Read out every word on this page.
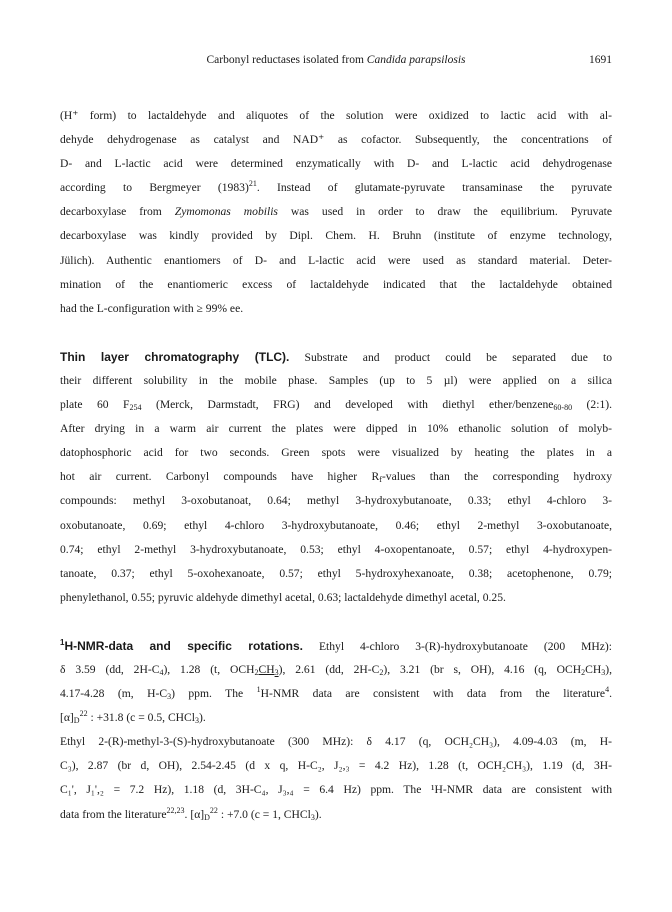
Carbonyl reductases isolated from Candida parapsilosis	1691
(H⁺ form) to lactaldehyde and aliquotes of the solution were oxidized to lactic acid with al-
dehyde dehydrogenase as catalyst and NAD⁺ as cofactor. Subsequently, the concentrations of
D- and L-lactic acid were determined enzymatically with D- and L-lactic acid dehydrogenase
according to Bergmeyer $(1983)^{21}$. Instead of glutamate-pyruvate transaminase the pyruvate
decarboxylase from Zymomonas mobilis was used in order to draw the equilibrium. Pyruvate
decarboxylase was kindly provided by Dipl. Chem. H. Bruhn (institute of enzyme technology,
Jülich). Authentic enantiomers of D- and L-lactic acid were used as standard material. Deter-
mination of the enantiomeric excess of lactaldehyde indicated that the lactaldehyde obtained
had the L-configuration with ≥ 99% ee.
Thin layer chromatography (TLC). Substrate and product could be separated due to
their different solubility in the mobile phase. Samples (up to 5 µl) were applied on a silica
plate 60 $F_{254}$ (Merck, Darmstadt, FRG) and developed with diethyl ether/benzene$_{60-80}$ (2:1).
After drying in a warm air current the plates were dipped in 10% ethanolic solution of molyb-
datophosphoric acid for two seconds. Green spots were visualized by heating the plates in a
hot air current. Carbonyl compounds have higher $R_f$-values than the corresponding hydroxy
compounds: methyl 3-oxobutanoat, 0.64; methyl 3-hydroxybutanoate, 0.33; ethyl 4-chloro 3-
oxobutanoate, 0.69; ethyl 4-chloro 3-hydroxybutanoate, 0.46; ethyl 2-methyl 3-oxobutanoate,
0.74; ethyl 2-methyl 3-hydroxybutanoate, 0.53; ethyl 4-oxopentanoate, 0.57; ethyl 4-hydroxypen-
tanoate, 0.37; ethyl 5-oxohexanoate, 0.57; ethyl 5-hydroxyhexanoate, 0.38; acetophenone, 0.79;
phenylethanol, 0.55; pyruvic aldehyde dimethyl acetal, 0.63; lactaldehyde dimethyl acetal, 0.25.
$^1$H-NMR-data and specific rotations. Ethyl 4-chloro 3-(R)-hydroxybutanoate (200 MHz):
δ 3.59 (dd, $2H-C_4$), 1.28 (t, $OCH_2CH_3$), 2.61 (dd, $2H-C_2$), 3.21 (br s, OH), 4.16 (q, $OCH_2CH_3$),
4.17-4.28 (m, $H-C_3$) ppm. The $^1$H-NMR data are consistent with data from the literature$^4$.
$[\alpha]_D^{22}$ : +31.8 (c = 0.5, CHCl$_3$).
Ethyl 2-(R)-methyl-3-(S)-hydroxybutanoate (300 MHz): δ 4.17 (q, OCH₂CH₃), 4.09-4.03 (m, H-
C₃), 2.87 (br d, OH), 2.54-2.45 (d x q, H-C₂, J₂,₃ = 4.2 Hz), 1.28 (t, OCH₂CH₃), 1.19 (d, 3H-
C₁', J₁',₂ = 7.2 Hz), 1.18 (d, 3H-C₄, J₃,₄ = 6.4 Hz) ppm. The ¹H-NMR data are consistent with
data from the literature$^{22,23}$. $[\alpha]_D^{22}$ : +7.0 (c = 1, CHCl$_3$).
